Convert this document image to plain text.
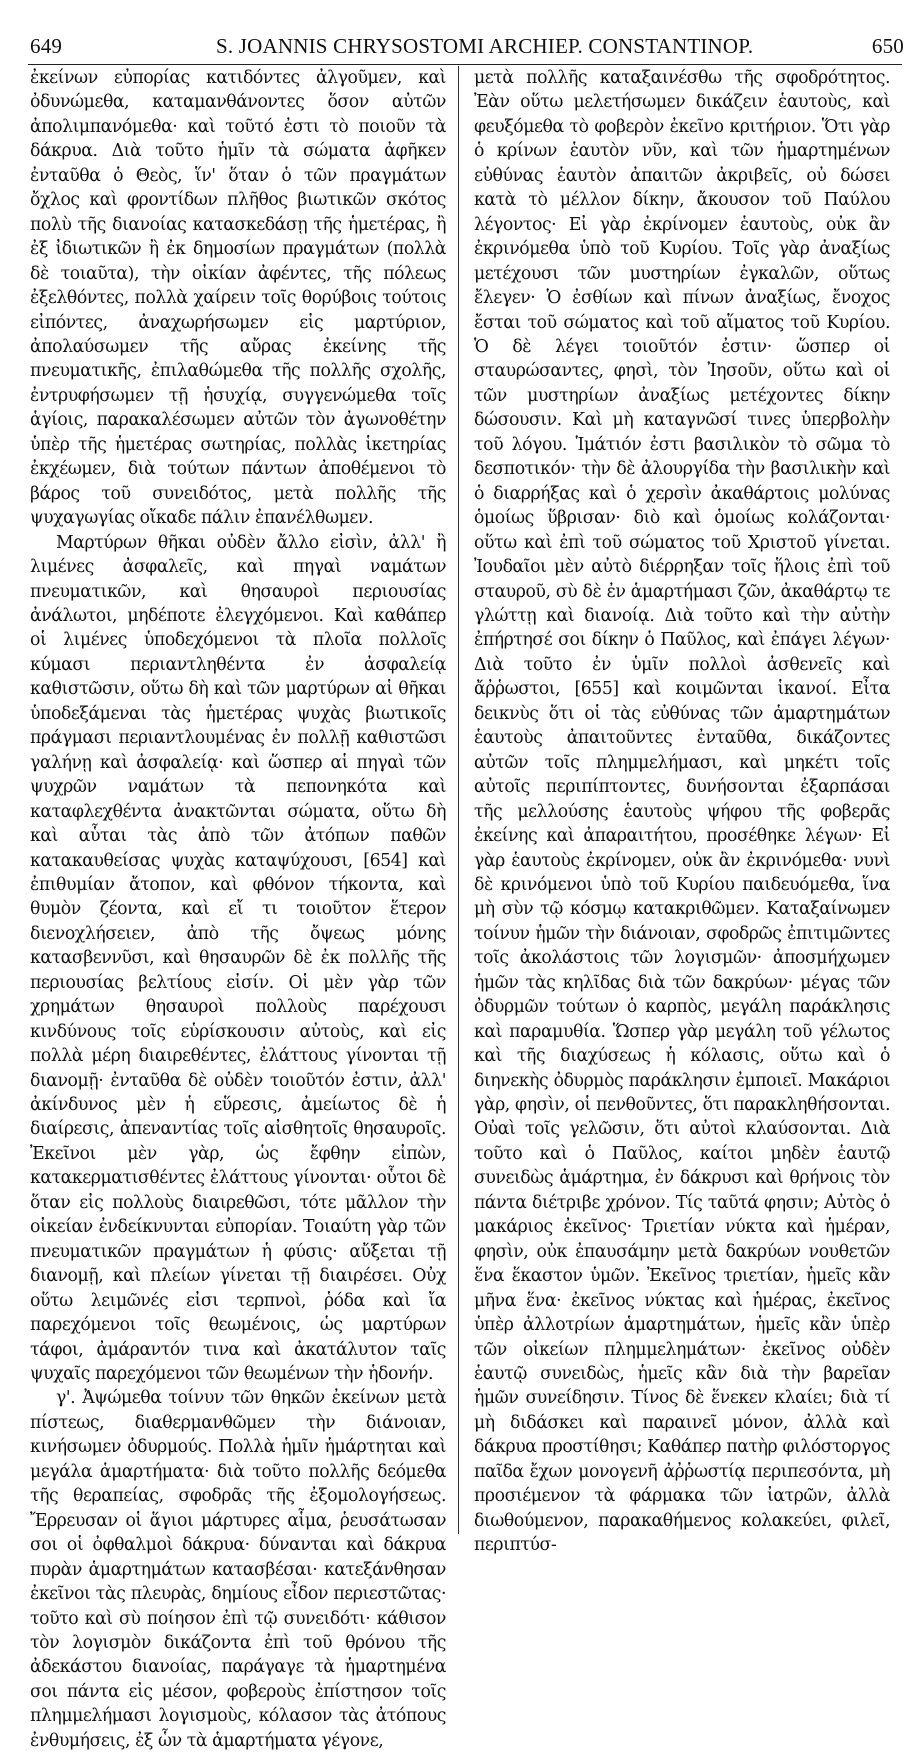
649	S. JOANNIS CHRYSOSTOMI ARCHIEP. CONSTANTINOP.	650

ἐκείνων εὐπορίας κατιδόντες ἀλγοῦμεν, καὶ ὀδυνώμεθα, καταμανθάνοντες ὅσον αὐτῶν ἀπολιμπανόμεθα· καὶ τοῦτό ἐστι τὸ ποιοῦν τὰ δάκρυα. Διὰ τοῦτο ἡμῖν τὰ σώματα ἀφῆκεν ἐνταῦθα ὁ Θεὸς, ἵν' ὅταν ὁ τῶν πραγμάτων ὄχλος καὶ φροντίδων πλῆθος βιωτικῶν σκότος πολὺ τῆς διανοίας κατασκεδάσῃ τῆς ἡμετέρας, ἢ ἐξ ἰδιωτικῶν ἢ ἐκ δημοσίων πραγμάτων (πολλὰ δὲ τοιαῦτα), τὴν οἰκίαν ἀφέντες, τῆς πόλεως ἐξελθόντες, πολλὰ χαίρειν τοῖς θορύβοις τούτοις εἰπόντες, ἀναχωρήσωμεν εἰς μαρτύριον, ἀπολαύσωμεν τῆς αὔρας ἐκείνης τῆς πνευματικῆς, ἐπιλαθώμεθα τῆς πολλῆς σχολῆς, ἐντρυφήσωμεν τῇ ἡσυχίᾳ, συγγενώμεθα τοῖς ἁγίοις, παρακαλέσωμεν αὐτῶν τὸν ἀγωνοθέτην ὑπὲρ τῆς ἡμετέρας σωτηρίας, πολλὰς ἱκετηρίας ἐκχέωμεν, διὰ τούτων πάντων ἀποθέμενοι τὸ βάρος τοῦ συνειδότος, μετὰ πολλῆς τῆς ψυχαγωγίας οἴκαδε πάλιν ἐπανέλθωμεν.

Μαρτύρων θῆκαι οὐδὲν ἄλλο εἰσὶν, ἀλλ' ἢ λιμένες ἀσφαλεῖς, καὶ πηγαὶ ναμάτων πνευματικῶν, καὶ θησαυροὶ περιουσίας ἀνάλωτοι, μηδέποτε ἐλεγχόμενοι. Καὶ καθάπερ οἱ λιμένες ὑποδεχόμενοι τὰ πλοῖα πολλοῖς κύμασι περιαντληθέντα ἐν ἀσφαλείᾳ καθιστῶσιν, οὕτω δὴ καὶ τῶν μαρτύρων αἱ θῆκαι ὑποδεξάμεναι τὰς ἡμετέρας ψυχὰς βιωτικοῖς πράγμασι περιαντλουμένας ἐν πολλῇ καθιστῶσι γαλήνῃ καὶ ἀσφαλείᾳ· καὶ ὥσπερ αἱ πηγαὶ τῶν ψυχρῶν ναμάτων τὰ πεπονηκότα καὶ καταφλεχθέντα ἀνακτῶνται σώματα, οὕτω δὴ καὶ αὗται τὰς ἀπὸ τῶν ἀτόπων παθῶν κατακαυθείσας ψυχὰς καταψύχουσι, [654] καὶ ἐπιθυμίαν ἄτοπον, καὶ φθόνον τήκοντα, καὶ θυμὸν ζέοντα, καὶ εἴ τι τοιοῦτον ἕτερον διενοχλήσειεν, ἀπὸ τῆς ὄψεως μόνης κατασβεννῦσι, καὶ θησαυρῶν δὲ ἐκ πολλῆς τῆς περιουσίας βελτίους εἰσίν. Οἱ μὲν γὰρ τῶν χρημάτων θησαυροὶ πολλοὺς παρέχουσι κινδύνους τοῖς εὑρίσκουσιν αὐτοὺς, καὶ εἰς πολλὰ μέρη διαιρεθέντες, ἐλάττους γίνονται τῇ διανομῇ· ἐνταῦθα δὲ οὐδὲν τοιοῦτόν ἐστιν, ἀλλ' ἀκίνδυνος μὲν ἡ εὕρεσις, ἀμείωτος δὲ ἡ διαίρεσις, ἀπεναντίας τοῖς αἰσθητοῖς θησαυροῖς. Ἐκεῖνοι μὲν γὰρ, ὡς ἔφθην εἰπὼν, κατακερματισθέντες ἐλάττους γίνονται· οὗτοι δὲ ὅταν εἰς πολλοὺς διαιρεθῶσι, τότε μᾶλλον τὴν οἰκείαν ἐνδείκνυνται εὐπορίαν. Τοιαύτη γὰρ τῶν πνευματικῶν πραγμάτων ἡ φύσις· αὔξεται τῇ διανομῇ, καὶ πλείων γίνεται τῇ διαιρέσει. Οὐχ οὕτω λειμῶνές εἰσι τερπνοὶ, ῥόδα καὶ ἴα παρεχόμενοι τοῖς θεωμένοις, ὡς μαρτύρων τάφοι, ἀμάραντόν τινα καὶ ἀκατάλυτον ταῖς ψυχαῖς παρεχόμενοι τῶν θεωμένων τὴν ἡδονήν.

γ'. Ἀψώμεθα τοίνυν τῶν θηκῶν ἐκείνων μετὰ πίστεως, διαθερμανθῶμεν τὴν διάνοιαν, κινήσωμεν ὀδυρμούς. Πολλὰ ἡμῖν ἡμάρτηται καὶ μεγάλα ἁμαρτήματα· διὰ τοῦτο πολλῆς δεόμεθα τῆς θεραπείας, σφοδρᾶς τῆς ἐξομολογήσεως. Ἔρρευσαν οἱ ἅγιοι μάρτυρες αἷμα, ῥευσάτωσαν σοι οἱ ὀφθαλμοὶ δάκρυα· δύνανται καὶ δάκρυα πυρὰν ἁμαρτημάτων κατασβέσαι· κατεξάνθησαν ἐκεῖνοι τὰς πλευρὰς, δημίους εἶδον περιεστῶτας· τοῦτο καὶ σὺ ποίησον ἐπὶ τῷ συνειδότι· κάθισον τὸν λογισμὸν δικάζοντα ἐπὶ τοῦ θρόνου τῆς ἀδεκάστου διανοίας, παράγαγε τὰ ἡμαρτημένα σοι πάντα εἰς μέσον, φοβεροὺς ἐπίστησον τοῖς πλημμελήμασι λογισμοὺς, κόλασον τὰς ἀτόπους ἐνθυμήσεις, ἐξ ὧν τὰ ἁμαρτήματα γέγονε,

μετὰ πολλῆς καταξαινέσθω τῆς σφοδρότητος. Ἐὰν οὕτω μελετήσωμεν δικάζειν ἑαυτοὺς, καὶ φευξόμεθα τὸ φοβερὸν ἐκεῖνο κριτήριον. Ὅτι γὰρ ὁ κρίνων ἑαυτὸν νῦν, καὶ τῶν ἡμαρτημένων εὐθύνας ἑαυτὸν ἀπαιτῶν ἀκριβεῖς, οὐ δώσει κατὰ τὸ μέλλον δίκην, ἄκουσον τοῦ Παύλου λέγοντος· Εἰ γὰρ ἐκρίνομεν ἑαυτοὺς, οὐκ ἂν ἐκρινόμεθα ὑπὸ τοῦ Κυρίου. Τοῖς γὰρ ἀναξίως μετέχουσι τῶν μυστηρίων ἐγκαλῶν, οὕτως ἔλεγεν· Ὁ ἐσθίων καὶ πίνων ἀναξίως, ἔνοχος ἔσται τοῦ σώματος καὶ τοῦ αἵματος τοῦ Κυρίου. Ὁ δὲ λέγει τοιοῦτόν ἐστιν· ὥσπερ οἱ σταυρώσαντες, φησὶ, τὸν Ἰησοῦν, οὕτω καὶ οἱ τῶν μυστηρίων ἀναξίως μετέχοντες δίκην δώσουσιν. Καὶ μὴ καταγνῶσί τινες ὑπερβολὴν τοῦ λόγου. Ἱμάτιόν ἐστι βασιλικὸν τὸ σῶμα τὸ δεσποτικόν· τὴν δὲ ἀλουργίδα τὴν βασιλικὴν καὶ ὁ διαρρήξας καὶ ὁ χερσὶν ἀκαθάρτοις μολύνας ὁμοίως ὕβρισαν· διὸ καὶ ὁμοίως κολάζονται· οὕτω καὶ ἐπὶ τοῦ σώματος τοῦ Χριστοῦ γίνεται. Ἰουδαῖοι μὲν αὐτὸ διέρρηξαν τοῖς ἥλοις ἐπὶ τοῦ σταυροῦ, σὺ δὲ ἐν ἁμαρτήμασι ζῶν, ἀκαθάρτῳ τε γλώττῃ καὶ διανοίᾳ. Διὰ τοῦτο καὶ τὴν αὐτὴν ἐπήρτησέ σοι δίκην ὁ Παῦλος, καὶ ἐπάγει λέγων· Διὰ τοῦτο ἐν ὑμῖν πολλοὶ ἀσθενεῖς καὶ ἄῤῥωστοι, [655] καὶ κοιμῶνται ἱκανοί. Εἶτα δεικνὺς ὅτι οἱ τὰς εὐθύνας τῶν ἁμαρτημάτων ἑαυτοὺς ἀπαιτοῦντες ἐνταῦθα, δικάζοντες αὐτῶν τοῖς πλημμελήμασι, καὶ μηκέτι τοῖς αὐτοῖς περιπίπτοντες, δυνήσονται ἐξαρπάσαι τῆς μελλούσης ἑαυτοὺς ψήφου τῆς φοβερᾶς ἐκείνης καὶ ἀπαραιτήτου, προσέθηκε λέγων· Εἰ γὰρ ἑαυτοὺς ἐκρίνομεν, οὐκ ἂν ἐκρινόμεθα· νυνὶ δὲ κρινόμενοι ὑπὸ τοῦ Κυρίου παιδευόμεθα, ἵνα μὴ σὺν τῷ κόσμῳ κατακριθῶμεν. Καταξαίνωμεν τοίνυν ἡμῶν τὴν διάνοιαν, σφοδρῶς ἐπιτιμῶντες τοῖς ἀκολάστοις τῶν λογισμῶν· ἀποσμήχωμεν ἡμῶν τὰς κηλῖδας διὰ τῶν δακρύων· μέγας τῶν ὀδυρμῶν τούτων ὁ καρπὸς, μεγάλη παράκλησις καὶ παραμυθία. Ὥσπερ γὰρ μεγάλη τοῦ γέλωτος καὶ τῆς διαχύσεως ἡ κόλασις, οὕτω καὶ ὁ διηνεκὴς ὀδυρμὸς παράκλησιν ἐμποιεῖ. Μακάριοι γὰρ, φησὶν, οἱ πενθοῦντες, ὅτι παρακληθήσονται. Οὐαὶ τοῖς γελῶσιν, ὅτι αὐτοὶ κλαύσονται. Διὰ τοῦτο καὶ ὁ Παῦλος, καίτοι μηδὲν ἑαυτῷ συνειδὼς ἁμάρτημα, ἐν δάκρυσι καὶ θρήνοις τὸν πάντα διέτριβε χρόνον. Τίς ταῦτά φησιν; Αὐτὸς ὁ μακάριος ἐκεῖνος· Τριετίαν νύκτα καὶ ἡμέραν, φησὶν, οὐκ ἐπαυσάμην μετὰ δακρύων νουθετῶν ἕνα ἕκαστον ὑμῶν. Ἐκεῖνος τριετίαν, ἡμεῖς κἂν μῆνα ἕνα· ἐκεῖνος νύκτας καὶ ἡμέρας, ἐκεῖνος ὑπὲρ ἀλλοτρίων ἁμαρτημάτων, ἡμεῖς κἂν ὑπὲρ τῶν οἰκείων πλημμελημάτων· ἐκεῖνος οὐδὲν ἑαυτῷ συνειδὼς, ἡμεῖς κἂν διὰ τὴν βαρεῖαν ἡμῶν συνείδησιν. Τίνος δὲ ἕνεκεν κλαίει; διὰ τί μὴ διδάσκει καὶ παραινεῖ μόνον, ἀλλὰ καὶ δάκρυα προστίθησι; Καθάπερ πατὴρ φιλόστοργος παῖδα ἔχων μονογενῆ ἀῤῥωστίᾳ περιπεσόντα, μὴ προσιέμενον τὰ φάρμακα τῶν ἰατρῶν, ἀλλὰ διωθούμενον, παρακαθήμενος κολακεύει, φιλεῖ, περιπτύσ-
